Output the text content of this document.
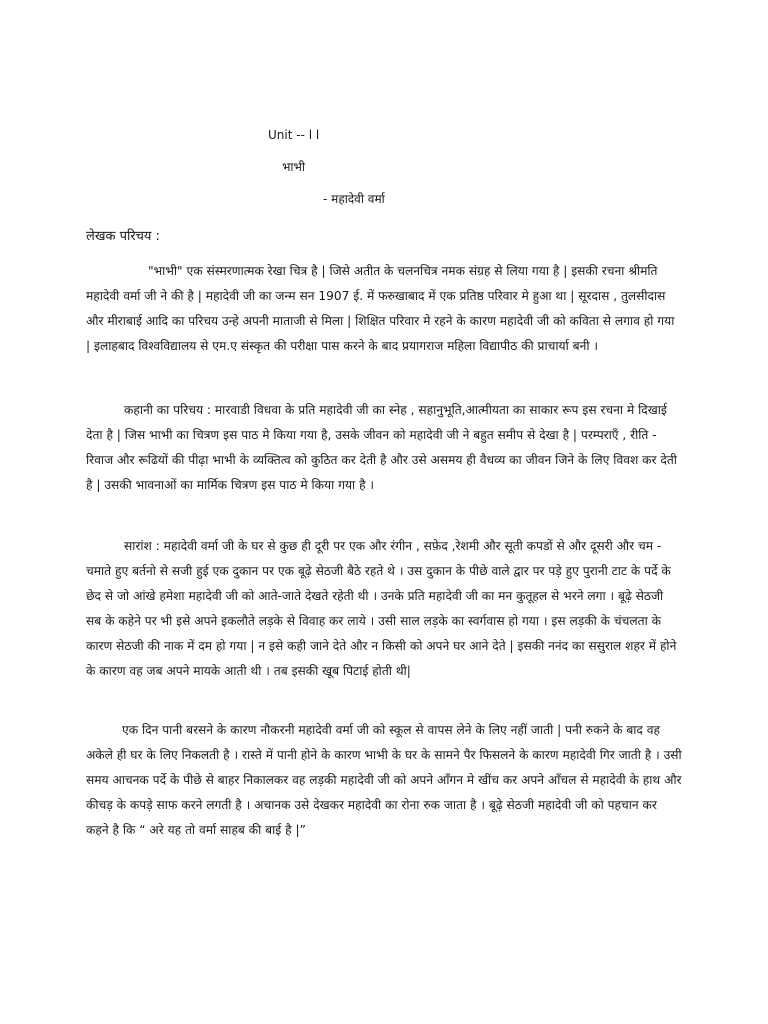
Unit -- l l
भाभी
- महादेवी वर्मा
लेखक परिचय :

"भाभी" एक संस्मरणात्मक रेखा चित्र है | जिसे अतीत के चलनचित्र नमक संग्रह से लिया गया है | इसकी रचना श्रीमति महादेवी वर्मा जी ने की है | महादेवी जी का जन्म सन 1907 ई. में फरुखाबाद में एक प्रतिष्ठ परिवार मे हुआ था | सूरदास , तुलसीदास और मीराबाई आदि का परिचय उन्हे अपनी माताजी से मिला | शिक्षित परिवार मे रहने के कारण महादेवी जी को कविता से लगाव हो गया | इलाहबाद विश्वविद्यालय से एम.ए संस्कृत की परीक्षा पास करने के बाद प्रयागराज महिला विद्यापीठ की प्राचार्या बनी ।

कहानी का परिचय : मारवाडी विधवा के प्रति महादेवी जी का स्नेह , सहानुभूति,आत्मीयता का साकार रूप इस रचना मे दिखाई देता है | जिस भाभी का चित्रण इस पाठ मे किया गया है, उसके जीवन को महादेवी जी ने बहुत समीप से देखा है | परम्पराएँ , रीति - रिवाज और रूढियों की पीढ़ा भाभी के व्यक्तित्व को कुठित कर देती है और उसे असमय ही वैधव्य का जीवन जिने के लिए विवश कर देती है | उसकी भावनाओं का मार्मिक चित्रण इस पाठ मे किया गया है ।

सारांश : महादेवी वर्मा जी के घर से कुछ ही दूरी पर एक और रंगीन , सफ़ेद ,रेशमी और सूती कपडों से और दूसरी और चम - चमाते हुए बर्तनो से सजी हुई एक दुकान पर एक बूढ़े सेठजी बैठे रहते थे । उस दुकान के पीछे वाले द्वार पर पड़े हुए पुरानी टाट के पर्दे के छेद से जो आंखे हमेशा महादेवी जी को आते-जाते देखते रहेती थी । उनके प्रति महादेवी जी का मन कुतूहल से भरने लगा । बूढ़े सेठजी सब के कहेने पर भी इसे अपने इकलौते लड़के से विवाह कर लाये । उसी साल लड़के का स्वर्गवास हो गया । इस लड़की के चंचलता के कारण सेठजी की नाक में दम हो गया | न इसे कही जाने देते और न किसी को अपने घर आने देते | इसकी ननंद का ससुराल शहर में होने के कारण वह जब अपने मायके आती थी । तब इसकी खूब पिटाई होती थी|

एक दिन पानी बरसने के कारण नौकरनी महादेवी वर्मा जी को स्कूल से वापस लेने के लिए नहीं जाती | पनी रुकने के बाद वह अकेले ही घर के लिए निकलती है । रास्ते में पानी होने के कारण भाभी के घर के सामने पैर फिसलने के कारण महादेवी गिर जाती है । उसी समय आचनक पर्दे के पीछे से बाहर निकालकर वह लड़की महादेवी जी को अपने आँगन मे खींच कर अपने आँचल से महादेवी के हाथ और कीचड़ के कपड़े साफ करने लगती है । अचानक उसे देखकर महादेवी का रोना रुक जाता है । बूढ़े सेठजी महादेवी जी को पहचान कर कहने है कि “ अरे यह तो वर्मा साहब की बाई है |”
